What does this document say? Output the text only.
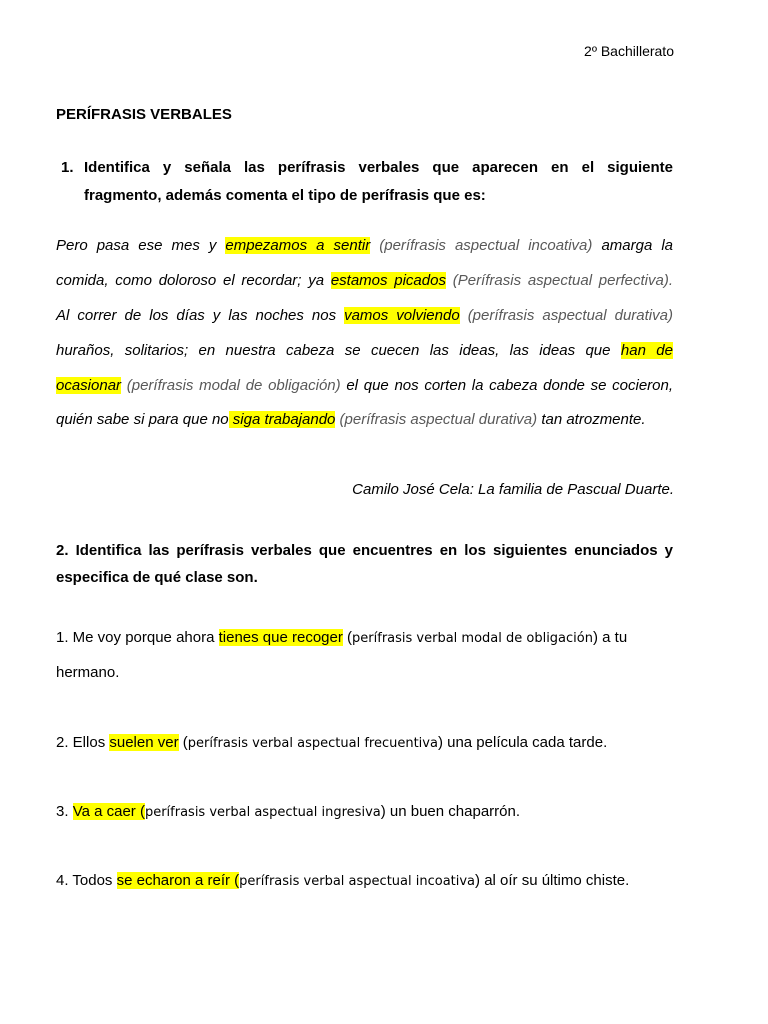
2º Bachillerato
PERÍFRASIS VERBALES
1. Identifica y señala las perífrasis verbales que aparecen en el siguiente
fragmento, además comenta el tipo de perífrasis que es:
Pero pasa ese mes y empezamos a sentir (perífrasis aspectual incoativa) amarga la
comida, como doloroso el recordar; ya estamos picados (Perífrasis aspectual perfectiva).
Al correr de los días y las noches nos vamos volviendo (perífrasis aspectual durativa)
huraños, solitarios; en nuestra cabeza se cuecen las ideas, las ideas que han de
ocasionar (perífrasis modal de obligación) el que nos corten la cabeza donde se cocieron,
quién sabe si para que no siga trabajando (perífrasis aspectual durativa) tan atrozmente.
Camilo José Cela: La familia de Pascual Duarte.
2. Identifica las perífrasis verbales que encuentres en los siguientes enunciados y
especifica de qué clase son.
1. Me voy porque ahora tienes que recoger (perífrasis verbal modal de obligación) a tu
hermano.
2. Ellos suelen ver (perífrasis verbal aspectual frecuentiva) una película cada tarde.
3. Va a caer (perífrasis verbal aspectual ingresiva) un buen chaparrón.
4. Todos se echaron a reír (perífrasis verbal aspectual incoativa) al oír su último chiste.
